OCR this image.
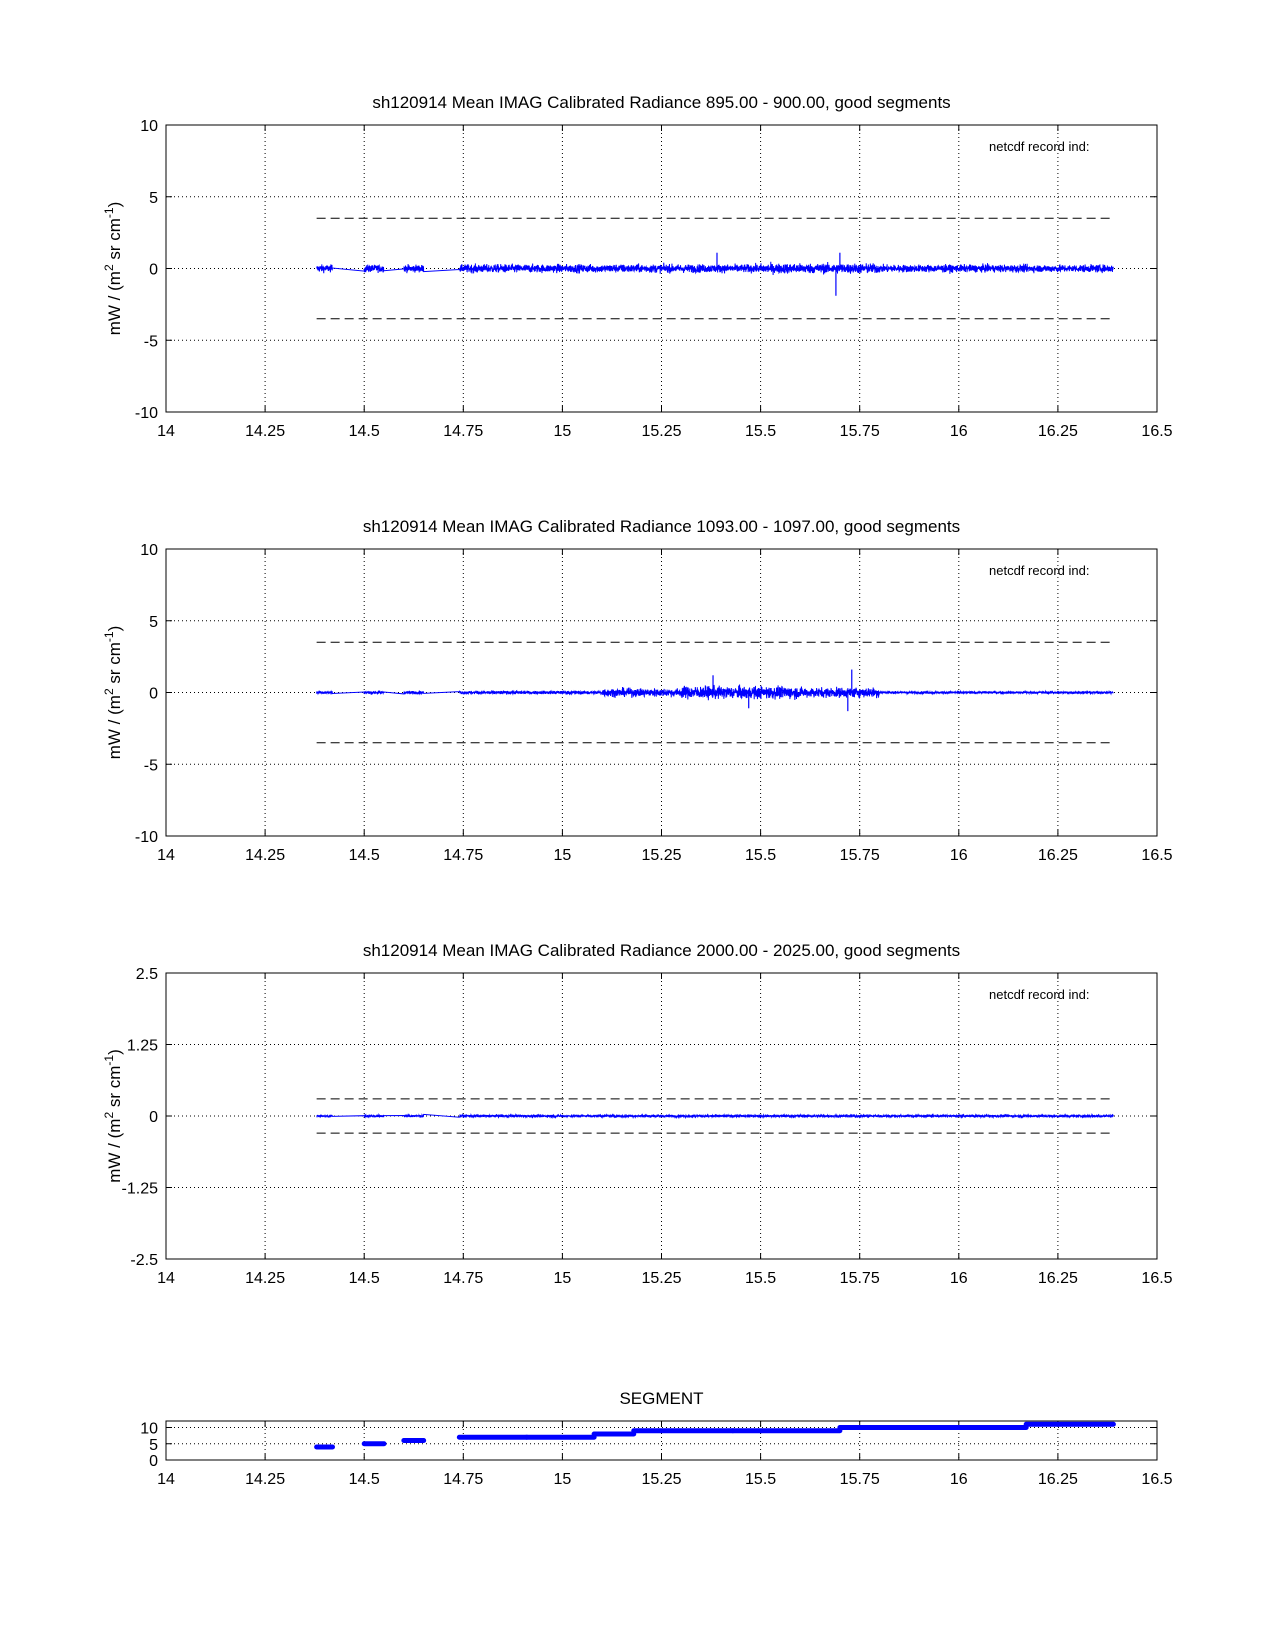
sh120914 Mean IMAG Calibrated Radiance 895.00 - 900.00, good segments
14	14.25	14.5	14.75	15	15.25	15.5	15.75	16	16.25	16.5
10
5
0
-5
-10
mW / ($m^2$ sr $cm^{-1}$)
netcdf record ind:
sh120914 Mean IMAG Calibrated Radiance 1093.00 - 1097.00, good segments
14	14.25	14.5	14.75	15	15.25	15.5	15.75	16	16.25	16.5
10
5
0
-5
-10
mW / ($m^2$ sr $cm^{-1}$)
netcdf record ind:
sh120914 Mean IMAG Calibrated Radiance 2000.00 - 2025.00, good segments
14	14.25	14.5	14.75	15	15.25	15.5	15.75	16	16.25	16.5
2.5
1.25
0
-1.25
-2.5
mW / ($m^2$ sr $cm^{-1}$)
netcdf record ind:
SEGMENT
14	14.25	14.5	14.75	15	15.25	15.5	15.75	16	16.25	16.5
10
5
0
